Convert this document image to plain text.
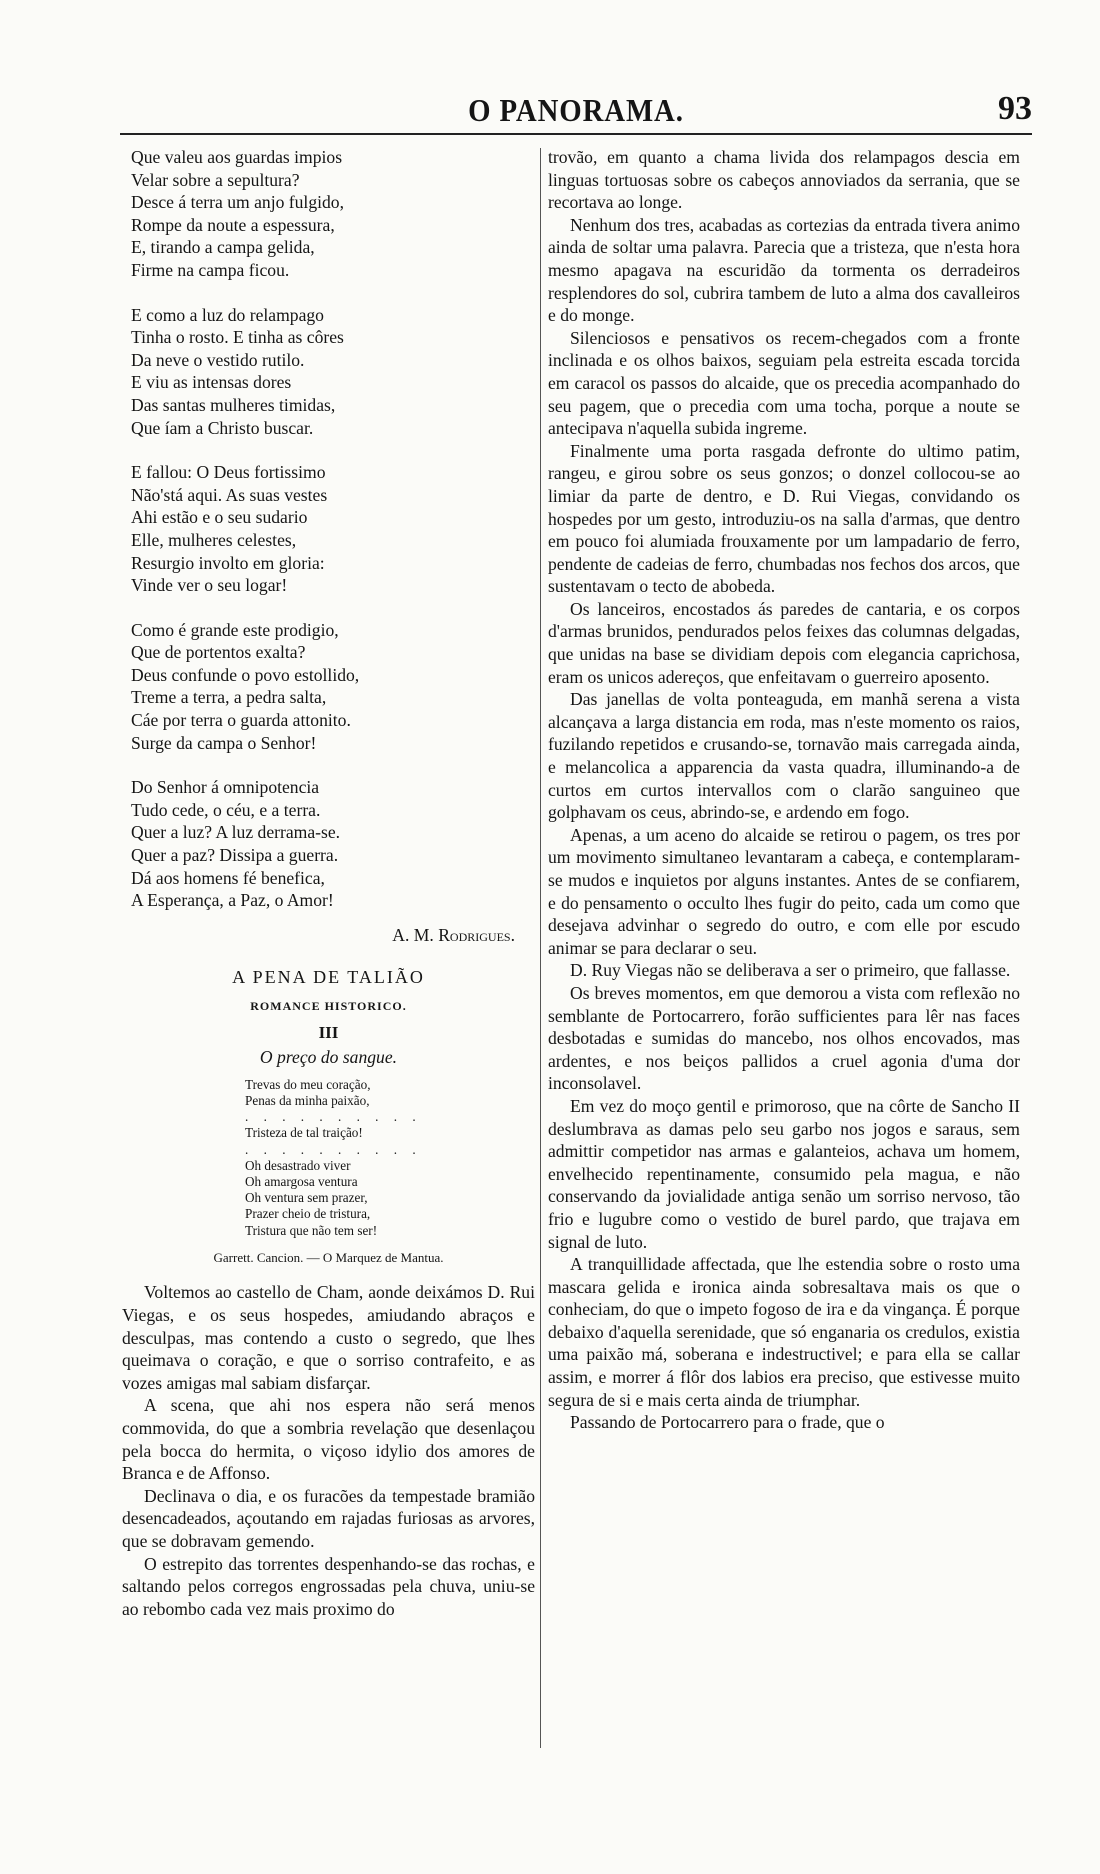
O PANORAMA.	93
Que valeu aos guardas impios
Velar sobre a sepultura?
Desce á terra um anjo fulgido,
Rompe da noute a espessura,
E, tirando a campa gelida,
Firme na campa ficou.
E como a luz do relampago
Tinha o rosto. E tinha as côres
Da neve o vestido rutilo.
E viu as intensas dores
Das santas mulheres timidas,
Que íam a Christo buscar.
E fallou: O Deus fortissimo
Não'stá aqui. As suas vestes
Ahi estão e o seu sudario
Elle, mulheres celestes,
Resurgio involto em gloria:
Vinde ver o seu logar!
Como é grande este prodigio,
Que de portentos exalta?
Deus confunde o povo estollido,
Treme a terra, a pedra salta,
Cáe por terra o guarda attonito.
Surge da campa o Senhor!
Do Senhor á omnipotencia
Tudo cede, o céu, e a terra.
Quer a luz? A luz derrama-se.
Quer a paz? Dissipa a guerra.
Dá aos homens fé benefica,
A Esperança, a Paz, o Amor!
A. M. Rodrigues.
A PENA DE TALIÃO
ROMANCE HISTORICO.
III
O preço do sangue.
Trevas do meu coração,
Penas da minha paixão,
. . . . . . . . . .
Tristeza de tal traição!
. . . . . . . . . .
Oh desastrado viver
Oh amargosa ventura
Oh ventura sem prazer,
Prazer cheio de tristura,
Tristura que não tem ser!
Garrett. Cancion. — O Marquez de Mantua.

Voltemos ao castello de Cham, aonde deixámos D. Rui Viegas, e os seus hospedes, amiudando abraços e desculpas, mas contendo a custo o segredo, que lhes queimava o coração, e que o sorriso contrafeito, e as vozes amigas mal sabiam disfarçar.

A scena, que ahi nos espera não será menos commovida, do que a sombria revelação que desenlaçou pela bocca do hermita, o viçoso idylio dos amores de Branca e de Affonso.

Declinava o dia, e os furacões da tempestade bramião desencadeados, açoutando em rajadas furiosas as arvores, que se dobravam gemendo.

O estrepito das torrentes despenhando-se das rochas, e saltando pelos corregos engrossadas pela chuva, uniu-se ao rebombo cada vez mais proximo do

trovão, em quanto a chama livida dos relampagos descia em linguas tortuosas sobre os cabeços annoviados da serrania, que se recortava ao longe.

Nenhum dos tres, acabadas as cortezias da entrada tivera animo ainda de soltar uma palavra. Parecia que a tristeza, que n'esta hora mesmo apagava na escuridão da tormenta os derradeiros resplendores do sol, cubrira tambem de luto a alma dos cavalleiros e do monge.

Silenciosos e pensativos os recem-chegados com a fronte inclinada e os olhos baixos, seguiam pela estreita escada torcida em caracol os passos do alcaide, que os precedia acompanhado do seu pagem, que o precedia com uma tocha, porque a noute se antecipava n'aquella subida ingreme.

Finalmente uma porta rasgada defronte do ultimo patim, rangeu, e girou sobre os seus gonzos; o donzel collocou-se ao limiar da parte de dentro, e D. Rui Viegas, convidando os hospedes por um gesto, introduziu-os na salla d'armas, que dentro em pouco foi alumiada frouxamente por um lampadario de ferro, pendente de cadeias de ferro, chumbadas nos fechos dos arcos, que sustentavam o tecto de abobeda.

Os lanceiros, encostados ás paredes de cantaria, e os corpos d'armas brunidos, pendurados pelos feixes das columnas delgadas, que unidas na base se dividiam depois com elegancia caprichosa, eram os unicos adereços, que enfeitavam o guerreiro aposento.

Das janellas de volta ponteaguda, em manhã serena a vista alcançava a larga distancia em roda, mas n'este momento os raios, fuzilando repetidos e crusando-se, tornavão mais carregada ainda, e melancolica a apparencia da vasta quadra, illuminando-a de curtos em curtos intervallos com o clarão sanguineo que golphavam os ceus, abrindo-se, e ardendo em fogo.

Apenas, a um aceno do alcaide se retirou o pagem, os tres por um movimento simultaneo levantaram a cabeça, e contemplaram-se mudos e inquietos por alguns instantes. Antes de se confiarem, e do pensamento o occulto lhes fugir do peito, cada um como que desejava advinhar o segredo do outro, e com elle por escudo animar se para declarar o seu.

D. Ruy Viegas não se deliberava a ser o primeiro, que fallasse.

Os breves momentos, em que demorou a vista com reflexão no semblante de Portocarrero, forão sufficientes para lêr nas faces desbotadas e sumidas do mancebo, nos olhos encovados, mas ardentes, e nos beiços pallidos a cruel agonia d'uma dor inconsolavel.

Em vez do moço gentil e primoroso, que na côrte de Sancho II deslumbrava as damas pelo seu garbo nos jogos e saraus, sem admittir competidor nas armas e galanteios, achava um homem, envelhecido repentinamente, consumido pela magua, e não conservando da jovialidade antiga senão um sorriso nervoso, tão frio e lugubre como o vestido de burel pardo, que trajava em signal de luto.

A tranquillidade affectada, que lhe estendia sobre o rosto uma mascara gelida e ironica ainda sobresaltava mais os que o conheciam, do que o impeto fogoso de ira e da vingança. É porque debaixo d'aquella serenidade, que só enganaria os credulos, existia uma paixão má, soberana e indestructivel; e para ella se callar assim, e morrer á flôr dos labios era preciso, que estivesse muito segura de si e mais certa ainda de triumphar.

Passando de Portocarrero para o frade, que o
